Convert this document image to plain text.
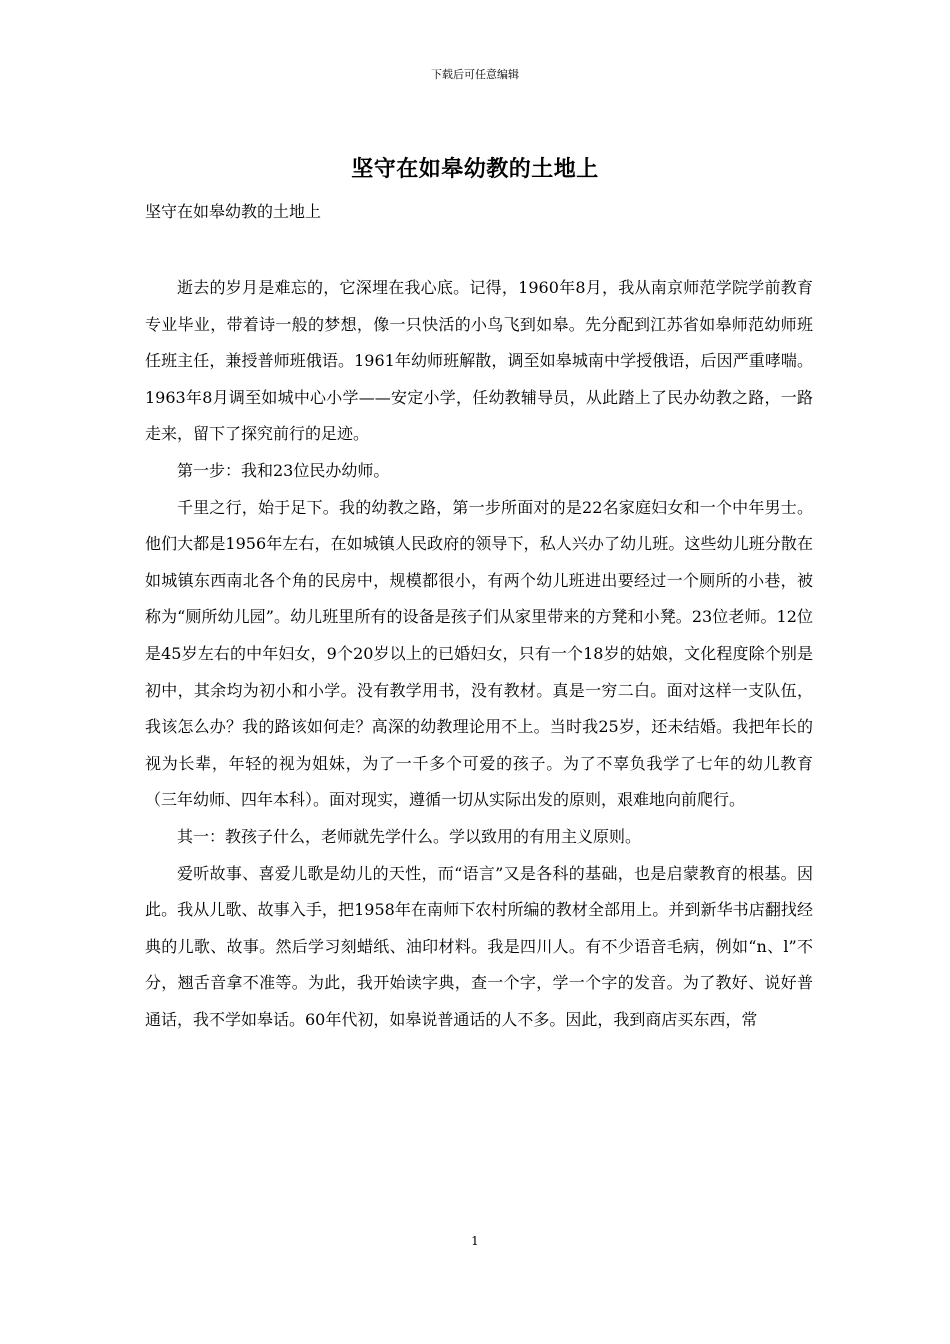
下载后可任意编辑
坚守在如皋幼教的土地上
坚守在如皋幼教的土地上

逝去的岁月是难忘的，它深埋在我心底。记得，1960年8月，我从南京师范学院学前教育专业毕业，带着诗一般的梦想，像一只快活的小鸟飞到如皋。先分配到江苏省如皋师范幼师班任班主任，兼授普师班俄语。1961年幼师班解散，调至如皋城南中学授俄语，后因严重哮喘。1963年8月调至如城中心小学——安定小学，任幼教辅导员，从此踏上了民办幼教之路，一路走来，留下了探究前行的足迹。

第一步：我和23位民办幼师。

千里之行，始于足下。我的幼教之路，第一步所面对的是22名家庭妇女和一个中年男士。他们大都是1956年左右，在如城镇人民政府的领导下，私人兴办了幼儿班。这些幼儿班分散在如城镇东西南北各个角的民房中，规模都很小，有两个幼儿班进出要经过一个厕所的小巷，被称为“厕所幼儿园”。幼儿班里所有的设备是孩子们从家里带来的方凳和小凳。23位老师。12位是45岁左右的中年妇女，9个20岁以上的已婚妇女，只有一个18岁的姑娘，文化程度除个别是初中，其余均为初小和小学。没有教学用书，没有教材。真是一穷二白。面对这样一支队伍，我该怎么办？我的路该如何走？高深的幼教理论用不上。当时我25岁，还未结婚。我把年长的视为长辈，年轻的视为姐妹，为了一千多个可爱的孩子。为了不辜负我学了七年的幼儿教育（三年幼师、四年本科）。面对现实，遵循一切从实际出发的原则，艰难地向前爬行。

其一：教孩子什么，老师就先学什么。学以致用的有用主义原则。

爱听故事、喜爱儿歌是幼儿的天性，而“语言”又是各科的基础，也是启蒙教育的根基。因此。我从儿歌、故事入手，把1958年在南师下农村所编的教材全部用上。并到新华书店翻找经典的儿歌、故事。然后学习刻蜡纸、油印材料。我是四川人。有不少语音毛病，例如“n、l”不分，翘舌音拿不准等。为此，我开始读字典，查一个字，学一个字的发音。为了教好、说好普通话，我不学如皋话。60年代初，如皋说普通话的人不多。因此，我到商店买东西，常

1
